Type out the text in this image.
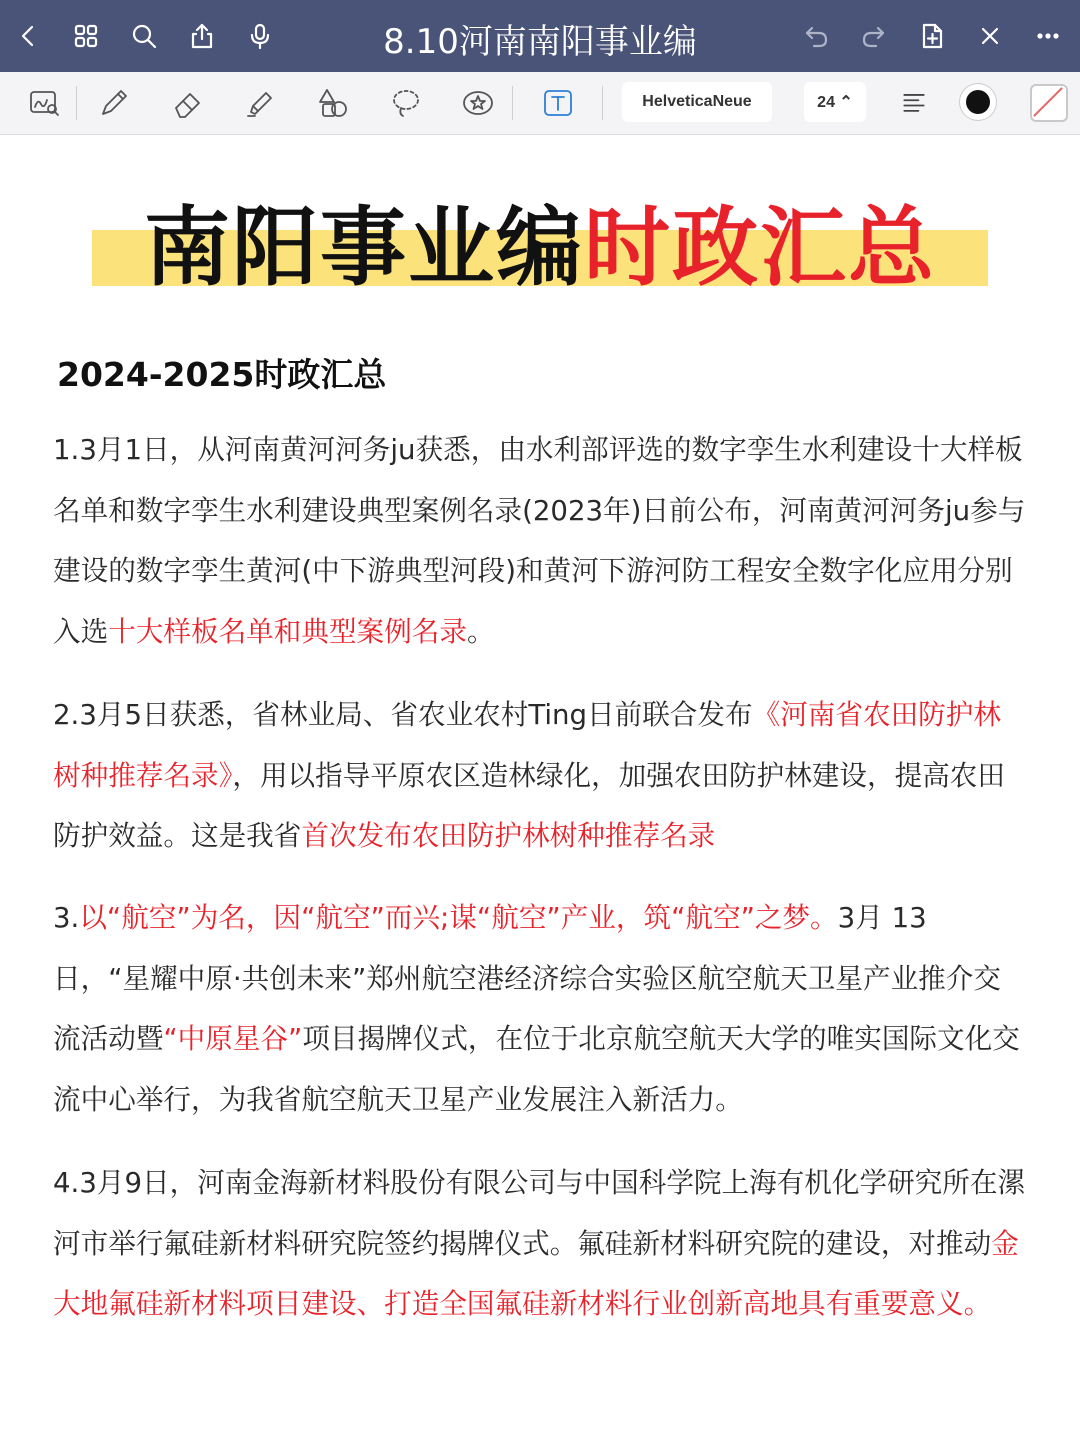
8.10河南南阳事业编
HelveticaNeue	24 ⌃
南阳事业编时政汇总
2024-2025时政汇总
1.3月1日，从河南黄河河务ju获悉，由水利部评选的数字孪生水利建设十大样板名单和数字孪生水利建设典型案例名录(2023年)日前公布，河南黄河河务ju参与建设的数字孪生黄河(中下游典型河段)和黄河下游河防工程安全数字化应用分别入选十大样板名单和典型案例名录。
2.3月5日获悉，省林业局、省农业农村Ting日前联合发布《河南省农田防护林树种推荐名录》，用以指导平原农区造林绿化，加强农田防护林建设，提高农田防护效益。这是我省首次发布农田防护林树种推荐名录
3.以“航空”为名，因“航空”而兴;谋“航空”产业，筑“航空”之梦。3月 13 日，“星耀中原·共创未来”郑州航空港经济综合实验区航空航天卫星产业推介交流活动暨“中原星谷”项目揭牌仪式，在位于北京航空航天大学的唯实国际文化交流中心举行，为我省航空航天卫星产业发展注入新活力。
4.3月9日，河南金海新材料股份有限公司与中国科学院上海有机化学研究所在漯河市举行氟硅新材料研究院签约揭牌仪式。氟硅新材料研究院的建设，对推动金大地氟硅新材料项目建设、打造全国氟硅新材料行业创新高地具有重要意义。
